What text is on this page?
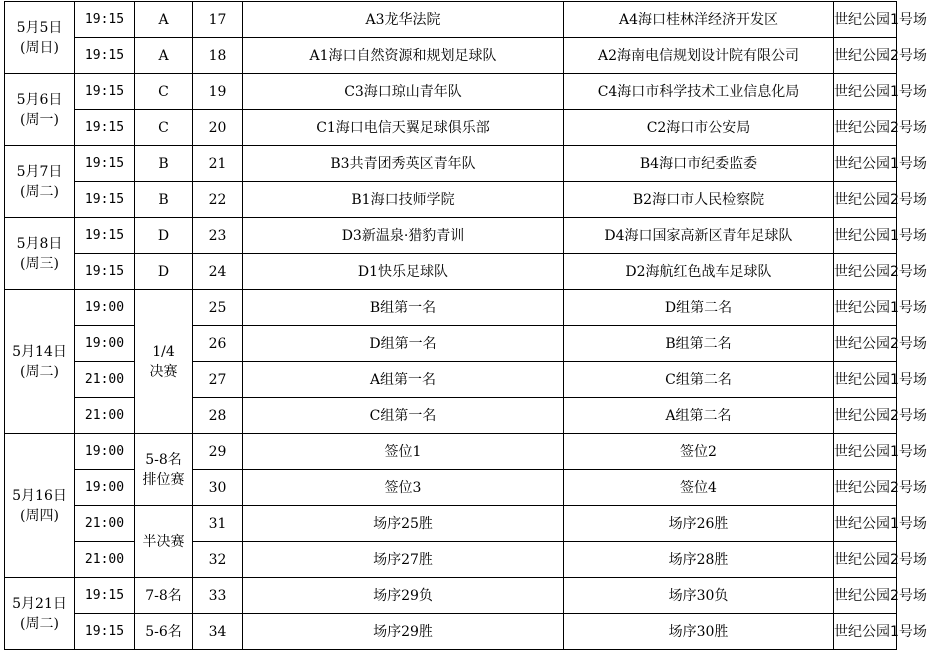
5月5日
(周日)	19:15	A	17	A3龙华法院	A4海口桂林洋经济开发区	世纪公园1号场
	19:15	A	18	A1海口自然资源和规划足球队	A2海南电信规划设计院有限公司	世纪公园2号场
5月6日
(周一)	19:15	C	19	C3海口琼山青年队	C4海口市科学技术工业信息化局	世纪公园1号场
	19:15	C	20	C1海口电信天翼足球俱乐部	C2海口市公安局	世纪公园2号场
5月7日
(周二)	19:15	B	21	B3共青团秀英区青年队	B4海口市纪委监委	世纪公园1号场
	19:15	B	22	B1海口技师学院	B2海口市人民检察院	世纪公园2号场
5月8日
(周三)	19:15	D	23	D3新温泉·猎豹青训	D4海口国家高新区青年足球队	世纪公园1号场
	19:15	D	24	D1快乐足球队	D2海航红色战车足球队	世纪公园2号场
5月14日
(周二)	19:00	1/4
决赛	25	B组第一名	D组第二名	世纪公园1号场
	19:00		26	D组第一名	B组第二名	世纪公园2号场
	21:00		27	A组第一名	C组第二名	世纪公园1号场
	21:00		28	C组第一名	A组第二名	世纪公园2号场
5月16日
(周四)	19:00	5-8名
排位赛	29	签位1	签位2	世纪公园1号场
	19:00		30	签位3	签位4	世纪公园2号场
	21:00	半决赛	31	场序25胜	场序26胜	世纪公园1号场
	21:00		32	场序27胜	场序28胜	世纪公园2号场
5月21日
(周二)	19:15	7-8名	33	场序29负	场序30负	世纪公园2号场
	19:15	5-6名	34	场序29胜	场序30胜	世纪公园1号场
